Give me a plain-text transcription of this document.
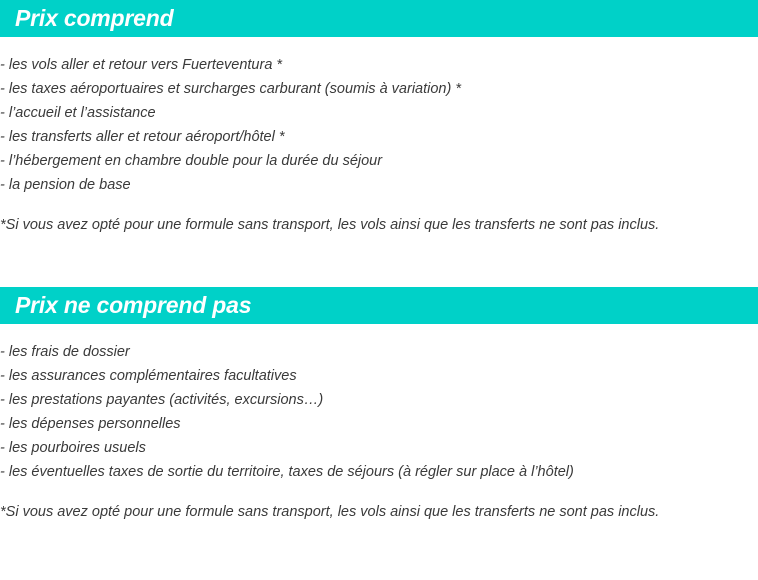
Prix comprend
- les vols aller et retour vers Fuerteventura *
- les taxes aéroportuaires et surcharges carburant (soumis à variation) *
- l’accueil et l’assistance
- les transferts aller et retour aéroport/hôtel *
- l’hébergement en chambre double pour la durée du séjour
- la pension de base
*Si vous avez opté pour une formule sans transport, les vols ainsi que les transferts ne sont pas inclus.
Prix ne comprend pas
- les frais de dossier
- les assurances complémentaires facultatives
- les prestations payantes (activités, excursions…)
- les dépenses personnelles
- les pourboires usuels
- les éventuelles taxes de sortie du territoire, taxes de séjours (à régler sur place à l’hôtel)
*Si vous avez opté pour une formule sans transport, les vols ainsi que les transferts ne sont pas inclus.
